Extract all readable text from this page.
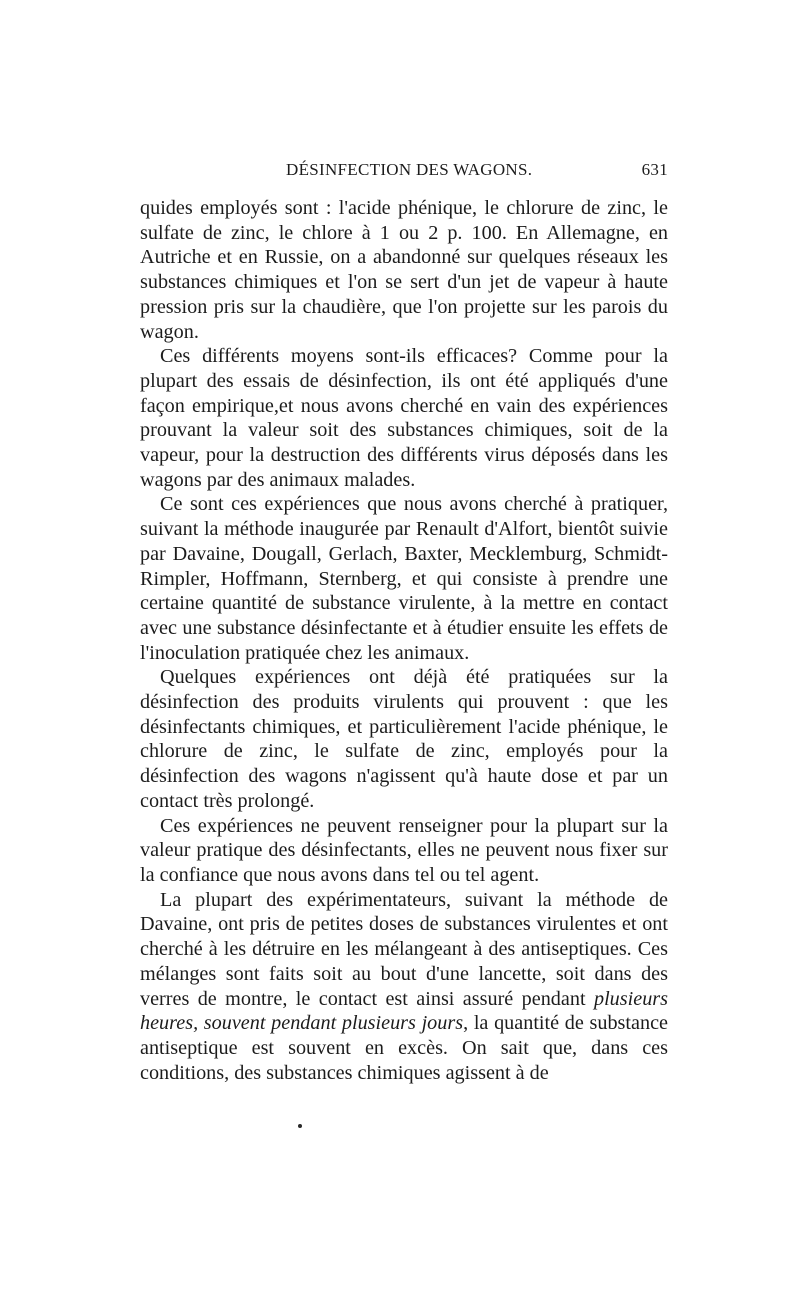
DÉSINFECTION DES WAGONS.	631

quides employés sont : l'acide phénique, le chlorure de zinc, le sulfate de zinc, le chlore à 1 ou 2 p. 100. En Allemagne, en Autriche et en Russie, on a abandonné sur quelques réseaux les substances chimiques et l'on se sert d'un jet de vapeur à haute pression pris sur la chaudière, que l'on projette sur les parois du wagon.

Ces différents moyens sont-ils efficaces? Comme pour la plupart des essais de désinfection, ils ont été appliqués d'une façon empirique,et nous avons cherché en vain des expériences prouvant la valeur soit des substances chimiques, soit de la vapeur, pour la destruction des différents virus déposés dans les wagons par des animaux malades.

Ce sont ces expériences que nous avons cherché à pratiquer, suivant la méthode inaugurée par Renault d'Alfort, bientôt suivie par Davaine, Dougall, Gerlach, Baxter, Mecklemburg, Schmidt-Rimpler, Hoffmann, Sternberg, et qui consiste à prendre une certaine quantité de substance virulente, à la mettre en contact avec une substance désinfectante et à étudier ensuite les effets de l'inoculation pratiquée chez les animaux.

Quelques expériences ont déjà été pratiquées sur la désinfection des produits virulents qui prouvent : que les désinfectants chimiques, et particulièrement l'acide phénique, le chlorure de zinc, le sulfate de zinc, employés pour la désinfection des wagons n'agissent qu'à haute dose et par un contact très prolongé.

Ces expériences ne peuvent renseigner pour la plupart sur la valeur pratique des désinfectants, elles ne peuvent nous fixer sur la confiance que nous avons dans tel ou tel agent.

La plupart des expérimentateurs, suivant la méthode de Davaine, ont pris de petites doses de substances virulentes et ont cherché à les détruire en les mélangeant à des antiseptiques. Ces mélanges sont faits soit au bout d'une lancette, soit dans des verres de montre, le contact est ainsi assuré pendant plusieurs heures, souvent pendant plusieurs jours, la quantité de substance antiseptique est souvent en excès. On sait que, dans ces conditions, des substances chimiques agissent à de
